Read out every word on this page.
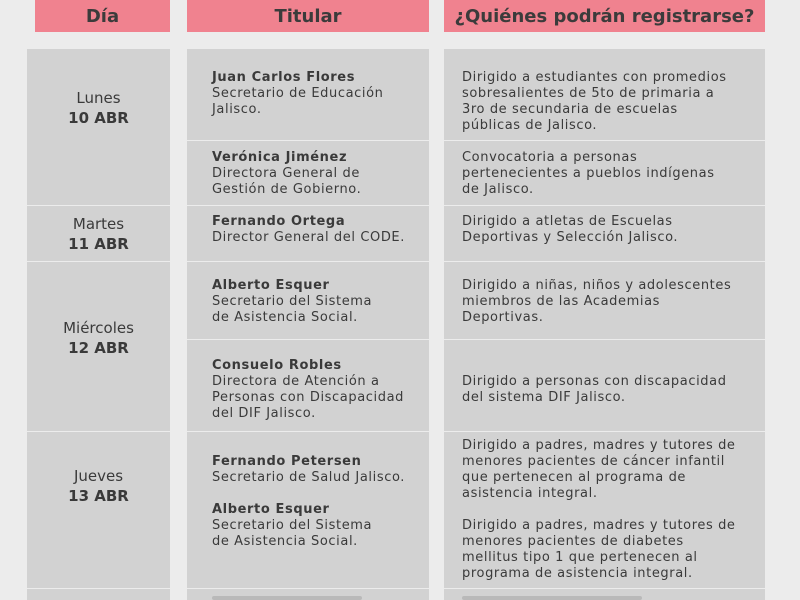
Día	Titular	¿Quiénes podrán registrarse?
Lunes
10 ABR
Martes
11 ABR
Miércoles
12 ABR
Jueves
13 ABR
Juan Carlos Flores
Secretario de Educación
Jalisco.
Verónica Jiménez
Directora General de
Gestión de Gobierno.
Fernando Ortega
Director General del CODE.
Alberto Esquer
Secretario del Sistema
de Asistencia Social.
Consuelo Robles
Directora de Atención a
Personas con Discapacidad
del DIF Jalisco.
Fernando Petersen
Secretario de Salud Jalisco.
Alberto Esquer
Secretario del Sistema
de Asistencia Social.
Dirigido a estudiantes con promedios
sobresalientes de 5to de primaria a
3ro de secundaria de escuelas
públicas de Jalisco.
Convocatoria a personas
pertenecientes a pueblos indígenas
de Jalisco.
Dirigido a atletas de Escuelas
Deportivas y Selección Jalisco.
Dirigido a niñas, niños y adolescentes
miembros de las Academias
Deportivas.
Dirigido a personas con discapacidad
del sistema DIF Jalisco.
Dirigido a padres, madres y tutores de
menores pacientes de cáncer infantil
que pertenecen al programa de
asistencia integral.
Dirigido a padres, madres y tutores de
menores pacientes de diabetes
mellitus tipo 1 que pertenecen al
programa de asistencia integral.
